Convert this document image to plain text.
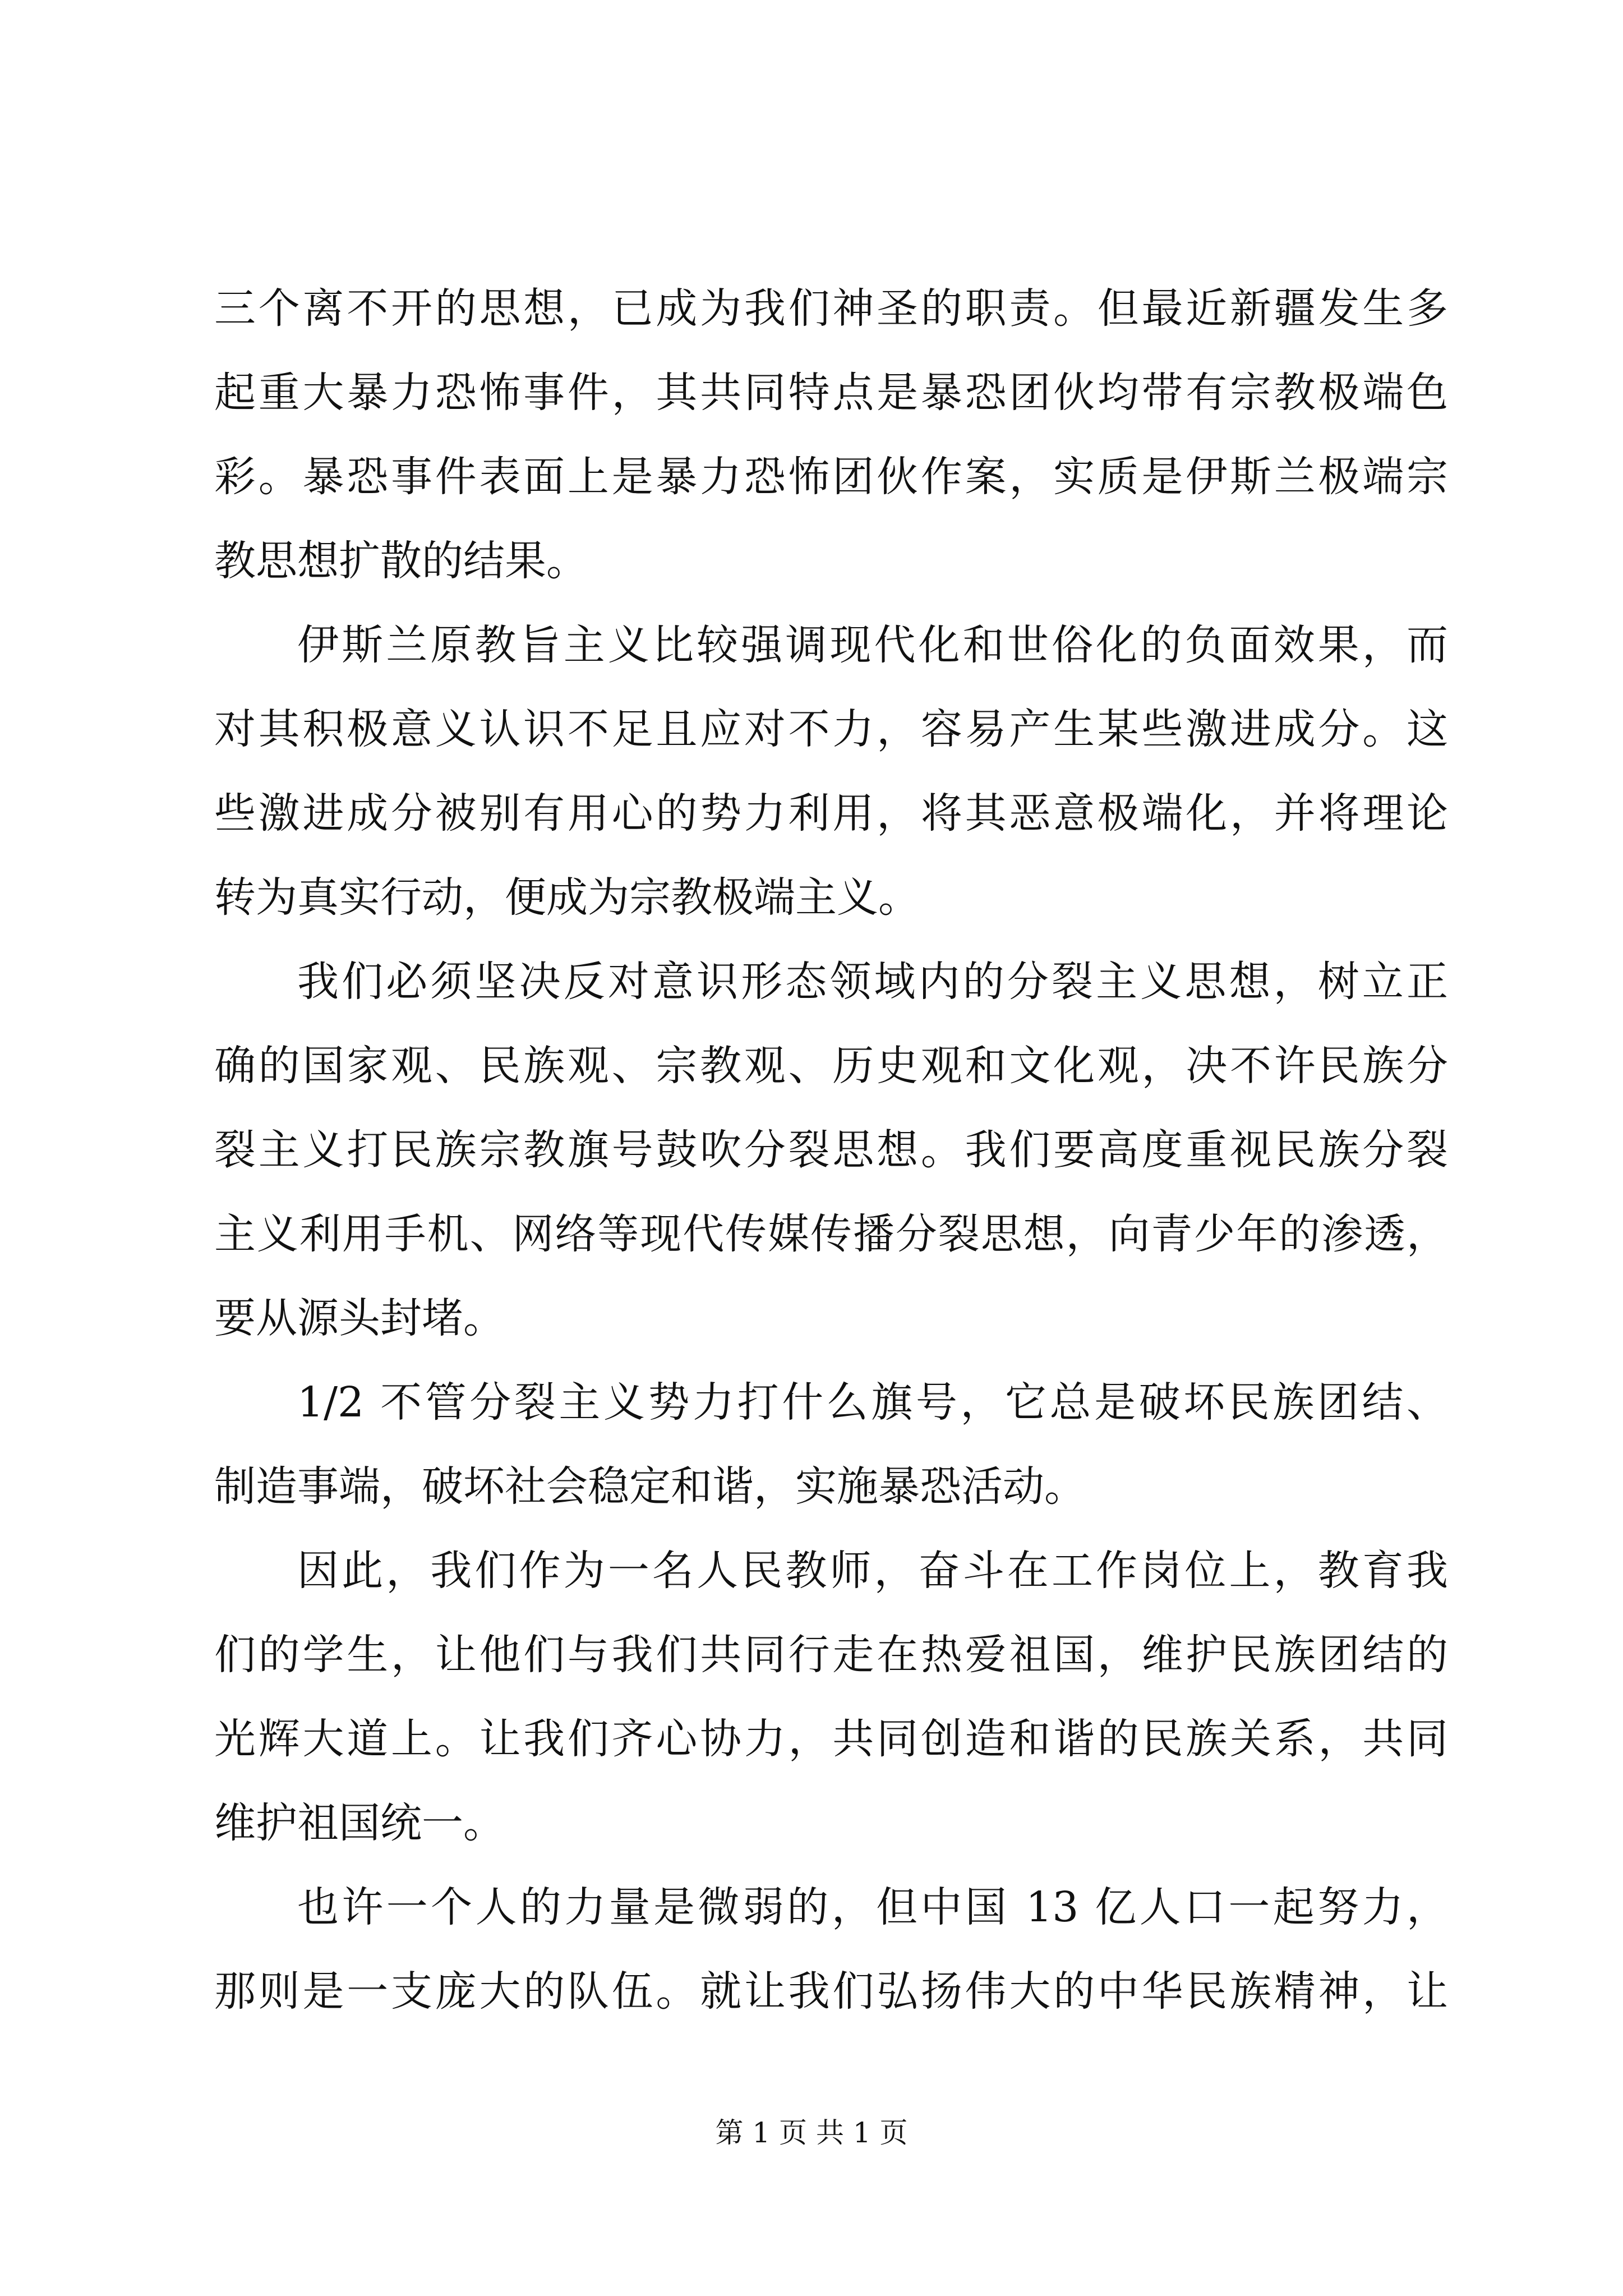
三个离不开的思想，已成为我们神圣的职责。但最近新疆发生多
起重大暴力恐怖事件，其共同特点是暴恐团伙均带有宗教极端色
彩。暴恐事件表面上是暴力恐怖团伙作案，实质是伊斯兰极端宗
教思想扩散的结果。
伊斯兰原教旨主义比较强调现代化和世俗化的负面效果，而
对其积极意义认识不足且应对不力，容易产生某些激进成分。这
些激进成分被别有用心的势力利用，将其恶意极端化，并将理论
转为真实行动，便成为宗教极端主义。
我们必须坚决反对意识形态领域内的分裂主义思想，树立正
确的国家观、民族观、宗教观、历史观和文化观，决不许民族分
裂主义打民族宗教旗号鼓吹分裂思想。我们要高度重视民族分裂
主义利用手机、网络等现代传媒传播分裂思想，向青少年的渗透，
要从源头封堵。
1/2 不管分裂主义势力打什么旗号，它总是破坏民族团结、
制造事端，破坏社会稳定和谐，实施暴恐活动。
因此，我们作为一名人民教师，奋斗在工作岗位上，教育我
们的学生，让他们与我们共同行走在热爱祖国，维护民族团结的
光辉大道上。让我们齐心协力，共同创造和谐的民族关系，共同
维护祖国统一。
也许一个人的力量是微弱的，但中国 13 亿人口一起努力，
那则是一支庞大的队伍。就让我们弘扬伟大的中华民族精神，让
第 1 页 共 1 页
